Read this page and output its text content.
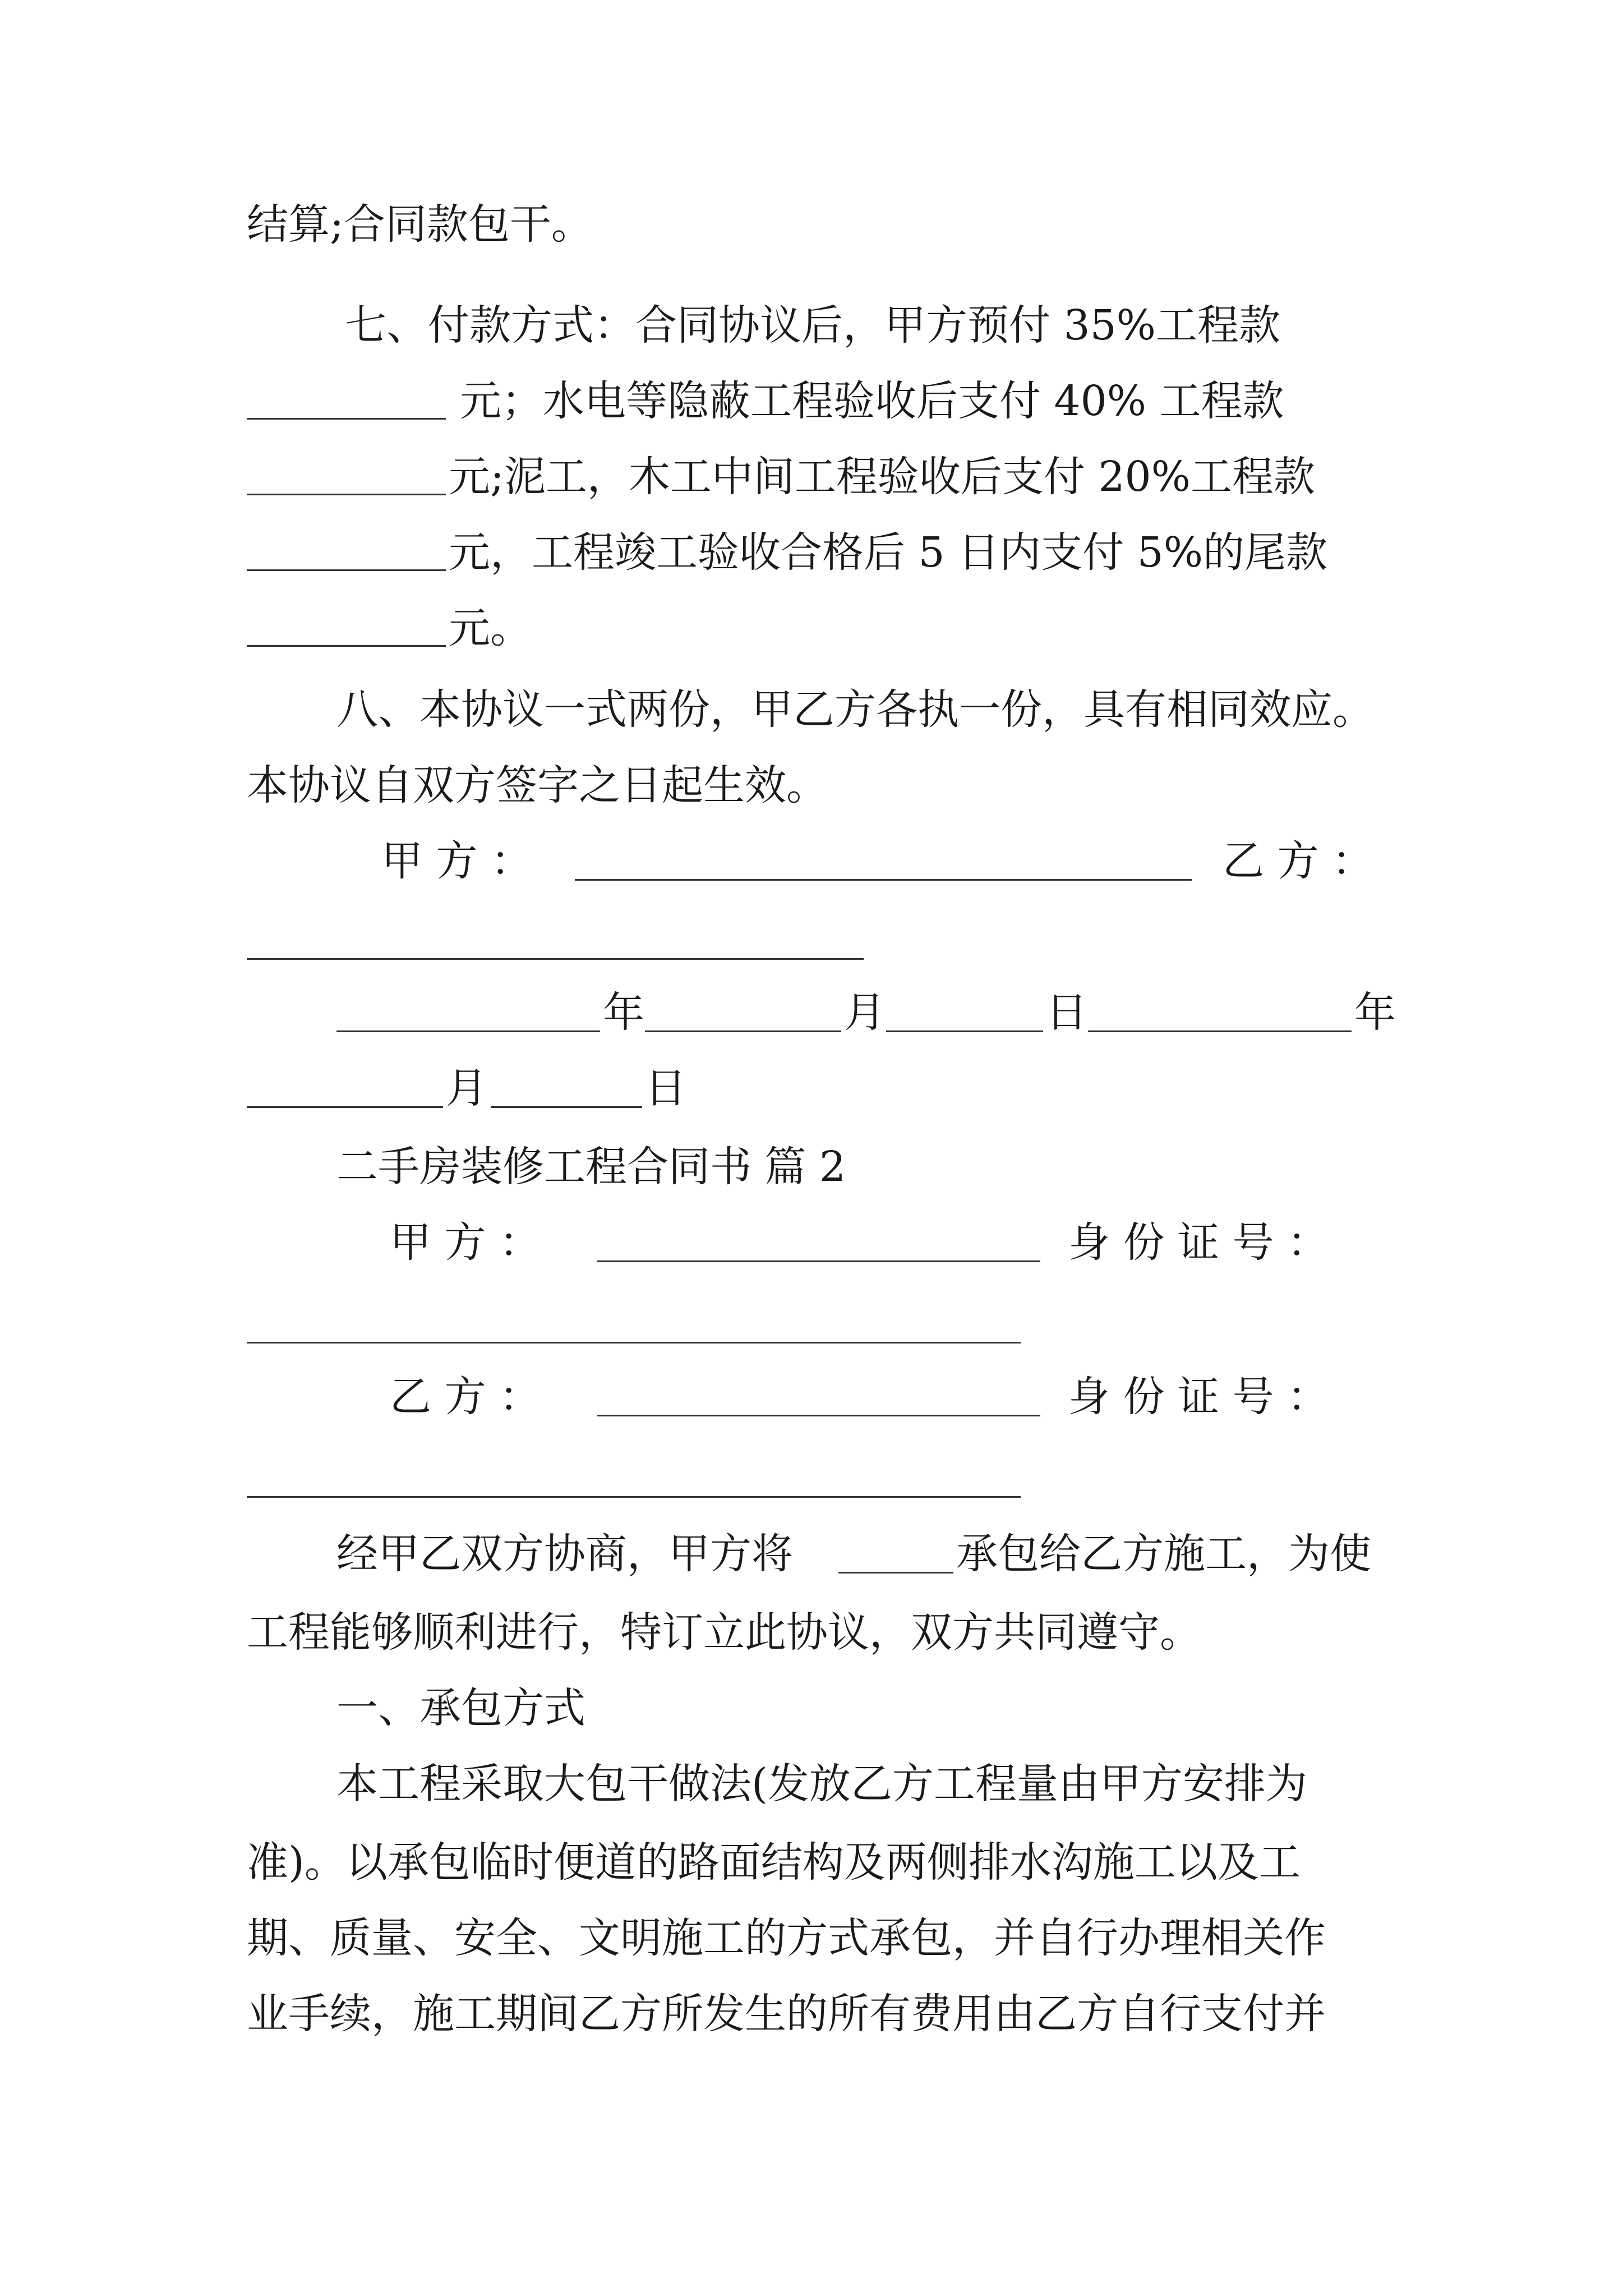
结算;合同款包干。
七、付款方式：合同协议后，甲方预付 35%工程款
元；水电等隐蔽工程验收后支付 40% 工程款
元;泥工，木工中间工程验收后支付 20%工程款
元，工程竣工验收合格后 5 日内支付 5%的尾款
元。
八、本协议一式两份，甲乙方各执一份，具有相同效应。
本协议自双方签字之日起生效。
甲 方 ：	乙 方 ：
年	月	日	年
月	日
二手房装修工程合同书 篇 2
甲 方 ：	身 份 证 号 ：
乙 方 ：	身 份 证 号 ：
经甲乙双方协商，甲方将	承包给乙方施工，为使
工程能够顺利进行，特订立此协议，双方共同遵守。
一、承包方式
本工程采取大包干做法(发放乙方工程量由甲方安排为
准)。以承包临时便道的路面结构及两侧排水沟施工以及工
期、质量、安全、文明施工的方式承包，并自行办理相关作
业手续，施工期间乙方所发生的所有费用由乙方自行支付并
